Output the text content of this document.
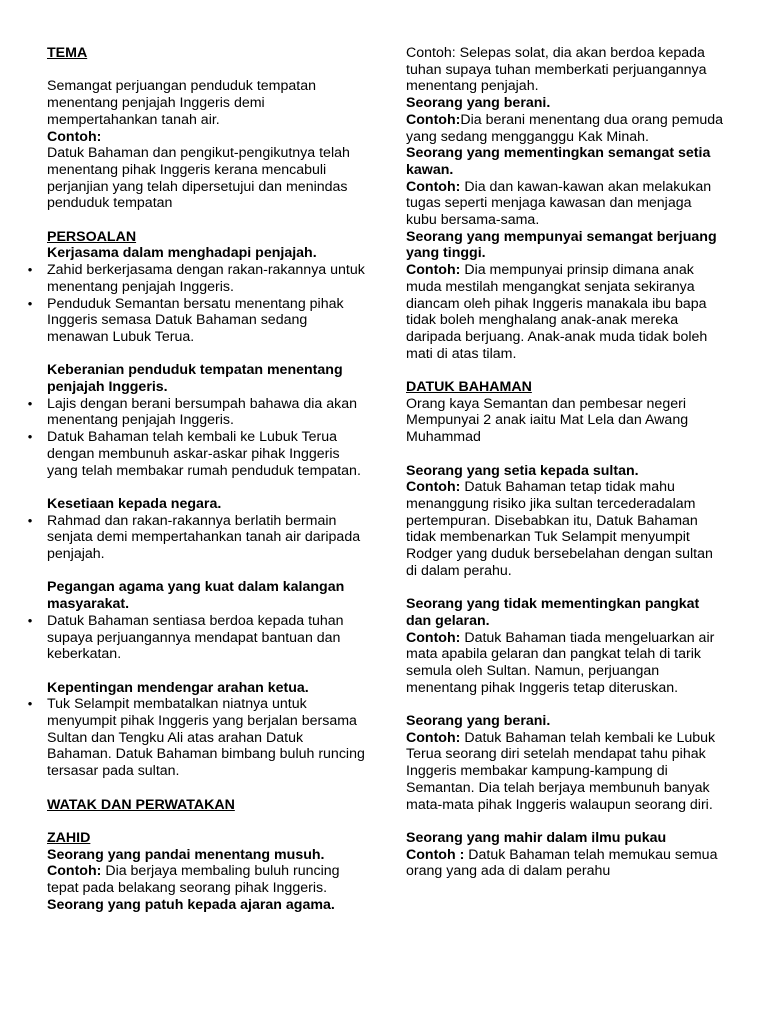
TEMA

Semangat perjuangan penduduk tempatan menentang penjajah Inggeris demi mempertahankan tanah air.

Contoh:

Datuk Bahaman dan pengikut-pengikutnya telah menentang pihak Inggeris kerana mencabuli perjanjian yang telah dipersetujui dan menindas penduduk tempatan

PERSOALAN

Kerjasama dalam menghadapi penjajah.

•	Zahid berkerjasama dengan rakan-rakannya untuk menentang penjajah Inggeris.
•	Penduduk Semantan bersatu menentang pihak Inggeris semasa Datuk Bahaman sedang menawan Lubuk Terua.

Keberanian penduduk tempatan menentang penjajah Inggeris.

•	Lajis dengan berani bersumpah bahawa dia akan menentang penjajah Inggeris.
•	Datuk Bahaman telah kembali ke Lubuk Terua dengan membunuh askar-askar pihak Inggeris yang telah membakar rumah penduduk tempatan.

Kesetiaan kepada negara.

•	Rahmad dan rakan-rakannya berlatih bermain senjata demi mempertahankan tanah air daripada penjajah.

Pegangan agama yang kuat dalam kalangan masyarakat.

•	Datuk Bahaman sentiasa berdoa kepada tuhan supaya perjuangannya mendapat bantuan dan keberkatan.

Kepentingan mendengar arahan ketua.

•	Tuk Selampit membatalkan niatnya untuk menyumpit pihak Inggeris yang berjalan bersama Sultan dan Tengku Ali atas arahan Datuk Bahaman. Datuk Bahaman bimbang buluh runcing tersasar pada sultan.
WATAK DAN PERWATAKAN
ZAHID

Seorang yang pandai menentang musuh.

Contoh: Dia berjaya membaling buluh runcing tepat pada belakang seorang pihak Inggeris.

Seorang yang patuh kepada ajaran agama.

Contoh: Selepas solat, dia akan berdoa kepada tuhan supaya tuhan memberkati perjuangannya menentang penjajah.

Seorang yang berani.

Contoh:Dia berani menentang dua orang pemuda yang sedang mengganggu Kak Minah.

Seorang yang mementingkan semangat setia kawan.

Contoh: Dia dan kawan-kawan akan melakukan tugas seperti menjaga kawasan dan menjaga kubu bersama-sama.

Seorang yang mempunyai semangat berjuang yang tinggi.

Contoh: Dia mempunyai prinsip dimana anak muda mestilah mengangkat senjata sekiranya diancam oleh pihak Inggeris manakala ibu bapa tidak boleh menghalang anak-anak mereka daripada berjuang. Anak-anak muda tidak boleh mati di atas tilam.

DATUK BAHAMAN

Orang kaya Semantan dan pembesar negeri Mempunyai 2 anak iaitu Mat Lela dan Awang Muhammad

Seorang yang setia kepada sultan.

Contoh: Datuk Bahaman tetap tidak mahu menanggung risiko jika sultan tercederadalam pertempuran. Disebabkan itu, Datuk Bahaman tidak membenarkan Tuk Selampit menyumpit Rodger yang duduk bersebelahan dengan sultan di dalam perahu.

Seorang yang tidak mementingkan pangkat dan gelaran.

Contoh: Datuk Bahaman tiada mengeluarkan air mata apabila gelaran dan pangkat telah di tarik semula oleh Sultan. Namun, perjuangan menentang pihak Inggeris tetap diteruskan.

Seorang yang berani.

Contoh: Datuk Bahaman telah kembali ke Lubuk Terua seorang diri setelah mendapat tahu pihak Inggeris membakar kampung-kampung di Semantan. Dia telah berjaya membunuh banyak mata-mata pihak Inggeris walaupun seorang diri.

Seorang yang mahir dalam ilmu pukau

Contoh : Datuk Bahaman telah memukau semua orang yang ada di dalam perahu
